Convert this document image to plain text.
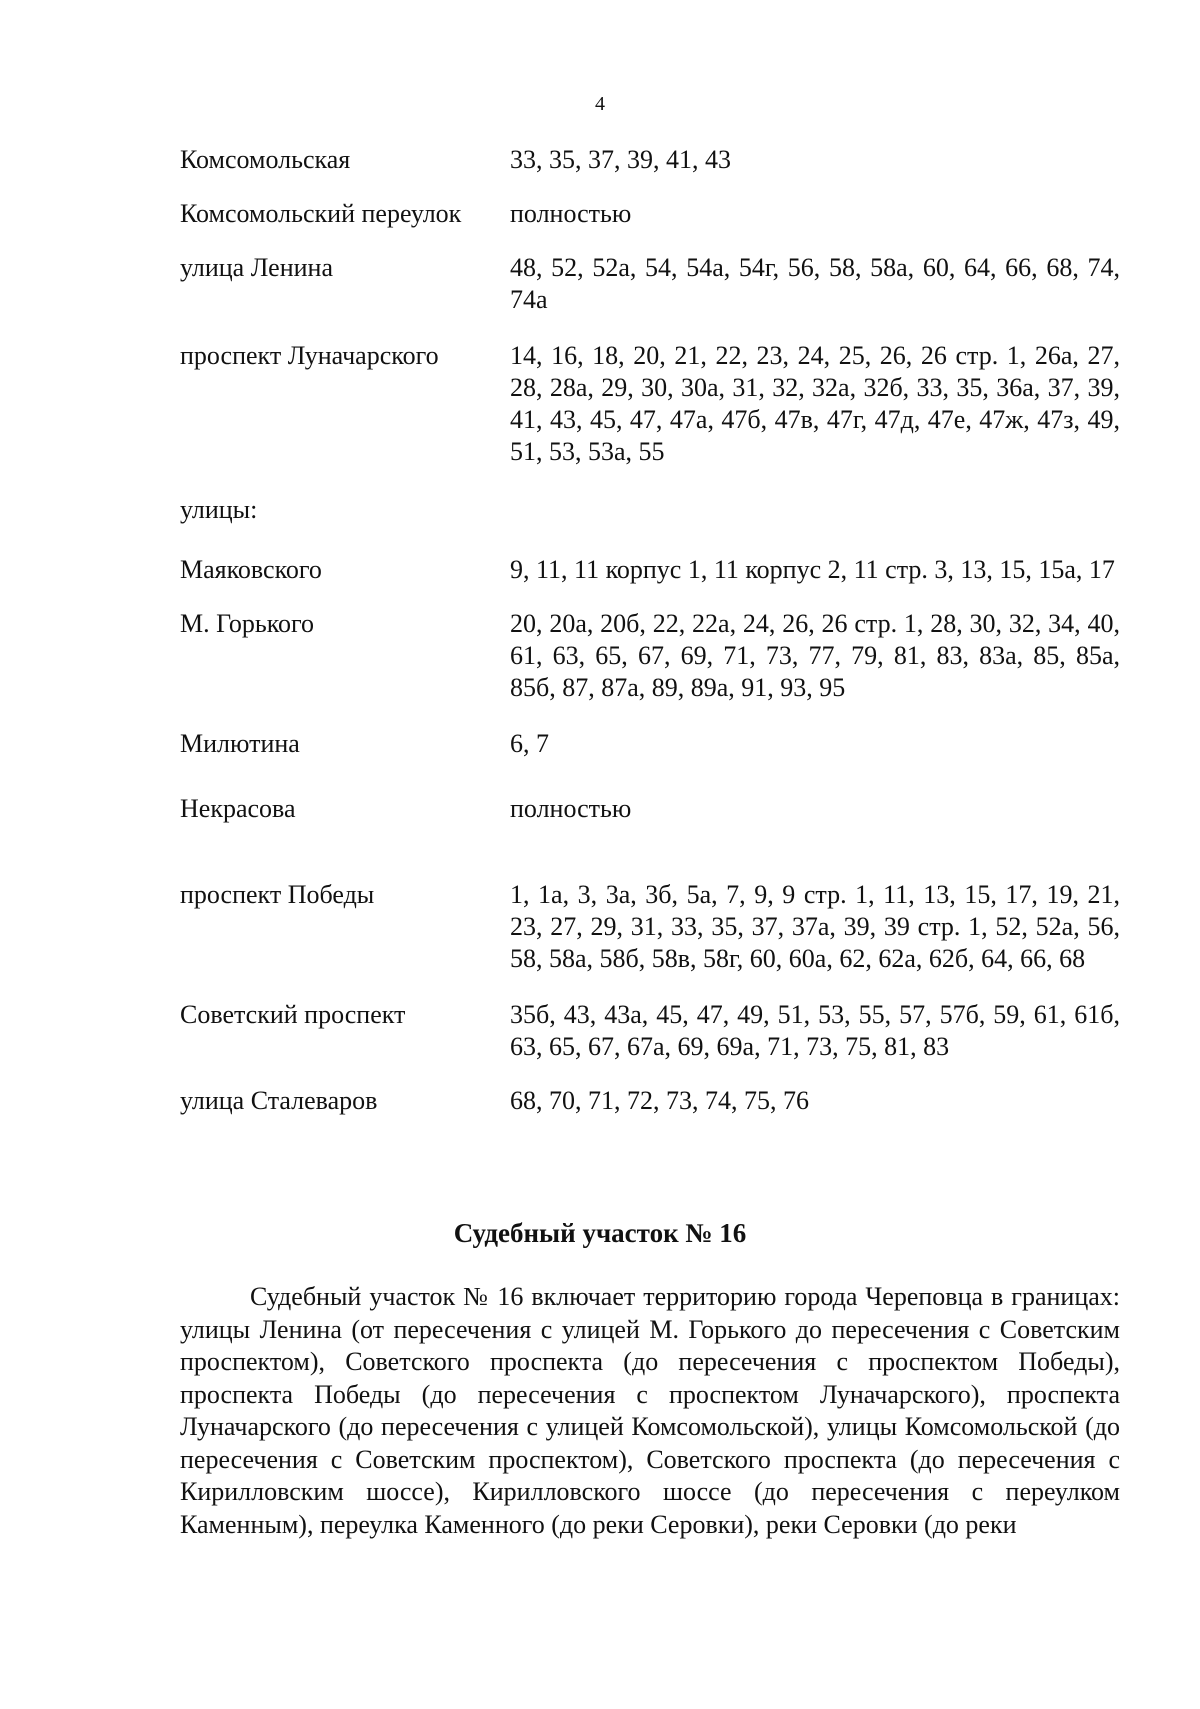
4
Комсомольская	33, 35, 37, 39, 41, 43
Комсомольский переулок	полностью
улица Ленина	48, 52, 52а, 54, 54а, 54г, 56, 58, 58а, 60, 64, 66, 68, 74, 74а
проспект Луначарского	14, 16, 18, 20, 21, 22, 23, 24, 25, 26, 26 стр. 1, 26а, 27, 28, 28а, 29, 30, 30а, 31, 32, 32а, 32б, 33, 35, 36а, 37, 39, 41, 43, 45, 47, 47а, 47б, 47в, 47г, 47д, 47е, 47ж, 47з, 49, 51, 53, 53а, 55
улицы:
Маяковского	9, 11, 11 корпус 1, 11 корпус 2, 11 стр. 3, 13, 15, 15а, 17
М. Горького	20, 20а, 20б, 22, 22а, 24, 26, 26 стр. 1, 28, 30, 32, 34, 40, 61, 63, 65, 67, 69, 71, 73, 77, 79, 81, 83, 83а, 85, 85а, 85б, 87, 87а, 89, 89а, 91, 93, 95
Милютина	6, 7
Некрасова	полностью
проспект Победы	1, 1а, 3, 3а, 3б, 5а, 7, 9, 9 стр. 1, 11, 13, 15, 17, 19, 21, 23, 27, 29, 31, 33, 35, 37, 37а, 39, 39 стр. 1, 52, 52а, 56, 58, 58а, 58б, 58в, 58г, 60, 60а, 62, 62а, 62б, 64, 66, 68
Советский проспект	35б, 43, 43а, 45, 47, 49, 51, 53, 55, 57, 57б, 59, 61, 61б, 63, 65, 67, 67а, 69, 69а, 71, 73, 75, 81, 83
улица Сталеваров	68, 70, 71, 72, 73, 74, 75, 76
Судебный участок № 16
Судебный участок № 16 включает территорию города Череповца в границах: улицы Ленина (от пересечения с улицей М. Горького до пересечения с Советским проспектом), Советского проспекта (до пересечения с проспектом Победы), проспекта Победы (до пересечения с проспектом Луначарского), проспекта Луначарского (до пересечения с улицей Комсомольской), улицы Комсомольской (до пересечения с Советским проспектом), Советского проспекта (до пересечения с Кирилловским шоссе), Кирилловского шоссе (до пересечения с переулком Каменным), переулка Каменного (до реки Серовки), реки Серовки (до реки
